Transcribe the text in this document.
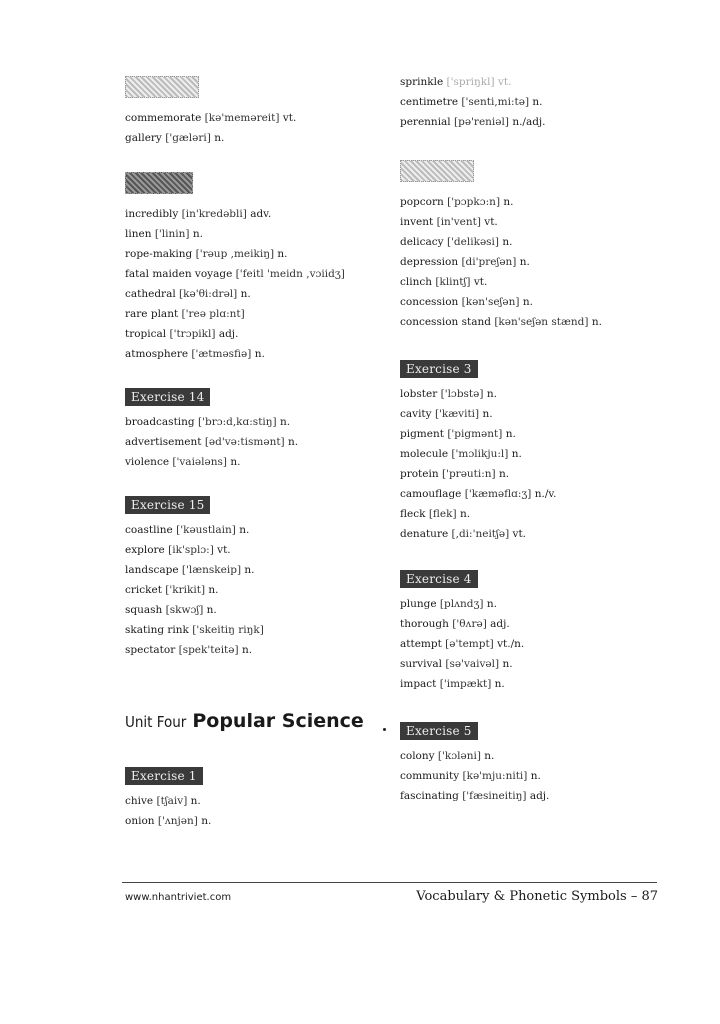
commemorate [kə'meməreit] vt.
gallery ['gæləri] n.
incredibly [in'kredəbli] adv.
linen ['linin] n.
rope-making ['rəup ,meikiŋ] n.
fatal maiden voyage ['feitl 'meidn ,vɔiidʒ]
cathedral [kə'θi:drəl] n.
rare plant ['reə plɑ:nt]
tropical ['trɔpikl] adj.
atmosphere ['ætməsfiə] n.
Exercise 14
broadcasting ['brɔ:d,kɑ:stiŋ] n.
advertisement [əd'və:tismənt] n.
violence ['vaiələns] n.
Exercise 15
coastline ['kəustlain] n.
explore [ik'splɔ:] vt.
landscape ['lænskeip] n.
cricket ['krikit] n.
squash [skwɔʃ] n.
skating rink ['skeitiŋ riŋk]
spectator [spek'teitə] n.
Unit Four Popular Science
Exercise 1
chive [tʃaiv] n.
onion ['ʌnjən] n.
sprinkle ['spriŋkl] vt.
centimetre ['senti,mi:tə] n.
perennial [pə'reniəl] n./adj.
popcorn ['pɔpkɔ:n] n.
invent [in'vent] vt.
delicacy ['delikəsi] n.
depression [di'preʃən] n.
clinch [klintʃ] vt.
concession [kən'seʃən] n.
concession stand [kən'seʃən stænd] n.
Exercise 3
lobster ['lɔbstə] n.
cavity ['kæviti] n.
pigment ['pigmənt] n.
molecule ['mɔlikju:l] n.
protein ['prəuti:n] n.
camouflage ['kæməflɑ:ʒ] n./v.
fleck [flek] n.
denature [,di:'neitʃə] vt.
Exercise 4
plunge [plʌndʒ] n.
thorough ['θʌrə] adj.
attempt [ə'tempt] vt./n.
survival [sə'vaivəl] n.
impact ['impækt] n.
Exercise 5
colony ['kɔləni] n.
community [kə'mju:niti] n.
fascinating ['fæsineitiŋ] adj.
www.nhantriviet.com	Vocabulary & Phonetic Symbols – 87
